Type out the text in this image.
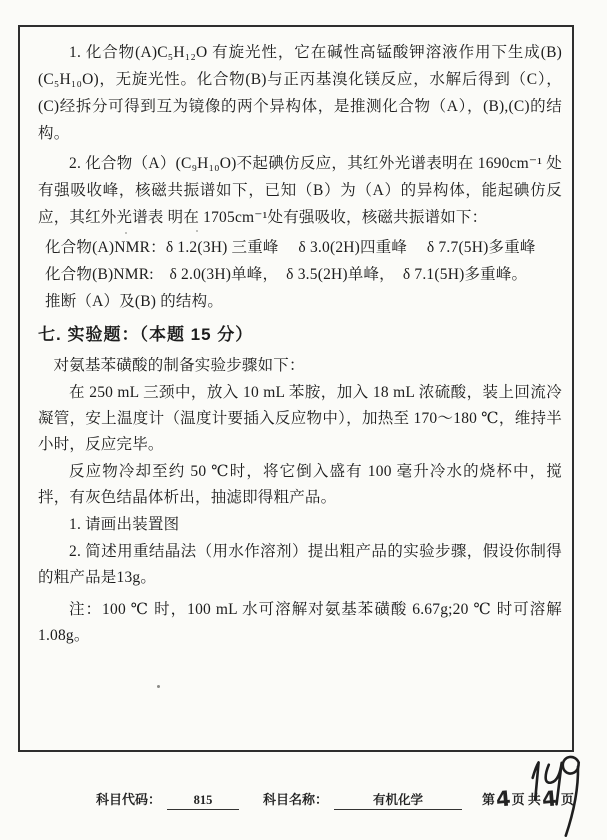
1. 化合物(A)C₅H₁₂O 有旋光性，它在碱性高锰酸钾溶液作用下生成(B)(C₅H₁₀O)，无旋光性。化合物(B)与正丙基溴化镁反应，水解后得到（C），(C)经拆分可得到互为镜像的两个异构体，是推测化合物（A），(B),(C)的结构。

2. 化合物（A）(C₉H₁₀O)不起碘仿反应，其红外光谱表明在 1690cm⁻¹ 处有强吸收峰，核磁共振谱如下，已知（B）为（A）的异构体，能起碘仿反应，其红外光谱表 明在 1705cm⁻¹处有强吸收，核磁共振谱如下：

化合物(A)NMR：δ 1.2(3H) 三重峰　 δ 3.0(2H)四重峰　 δ 7.7(5H)多重峰

化合物(B)NMR:　δ 2.0(3H)单峰，　δ 3.5(2H)单峰，　δ 7.1(5H)多重峰。

推断（A）及(B) 的结构。

七. 实验题：（本题 15 分）

对氨基苯磺酸的制备实验步骤如下：

在 250 mL 三颈中，放入 10 mL 苯胺，加入 18 mL 浓硫酸，装上回流冷凝管，安上温度计（温度计要插入反应物中），加热至 170～180 ℃，维持半小时，反应完毕。

反应物冷却至约 50 ℃时，将它倒入盛有 100 毫升冷水的烧杯中，搅拌，有灰色结晶体析出，抽滤即得粗产品。

1. 请画出装置图

2. 简述用重结晶法（用水作溶剂）提出粗产品的实验步骤，假设你制得的粗产品是13g。

注：100 ℃ 时，100 mL 水可溶解对氨基苯磺酸 6.67g;20 ℃ 时可溶解 1.08g。

科目代码：	815	科目名称：	有机化学	第4页 共4 页
